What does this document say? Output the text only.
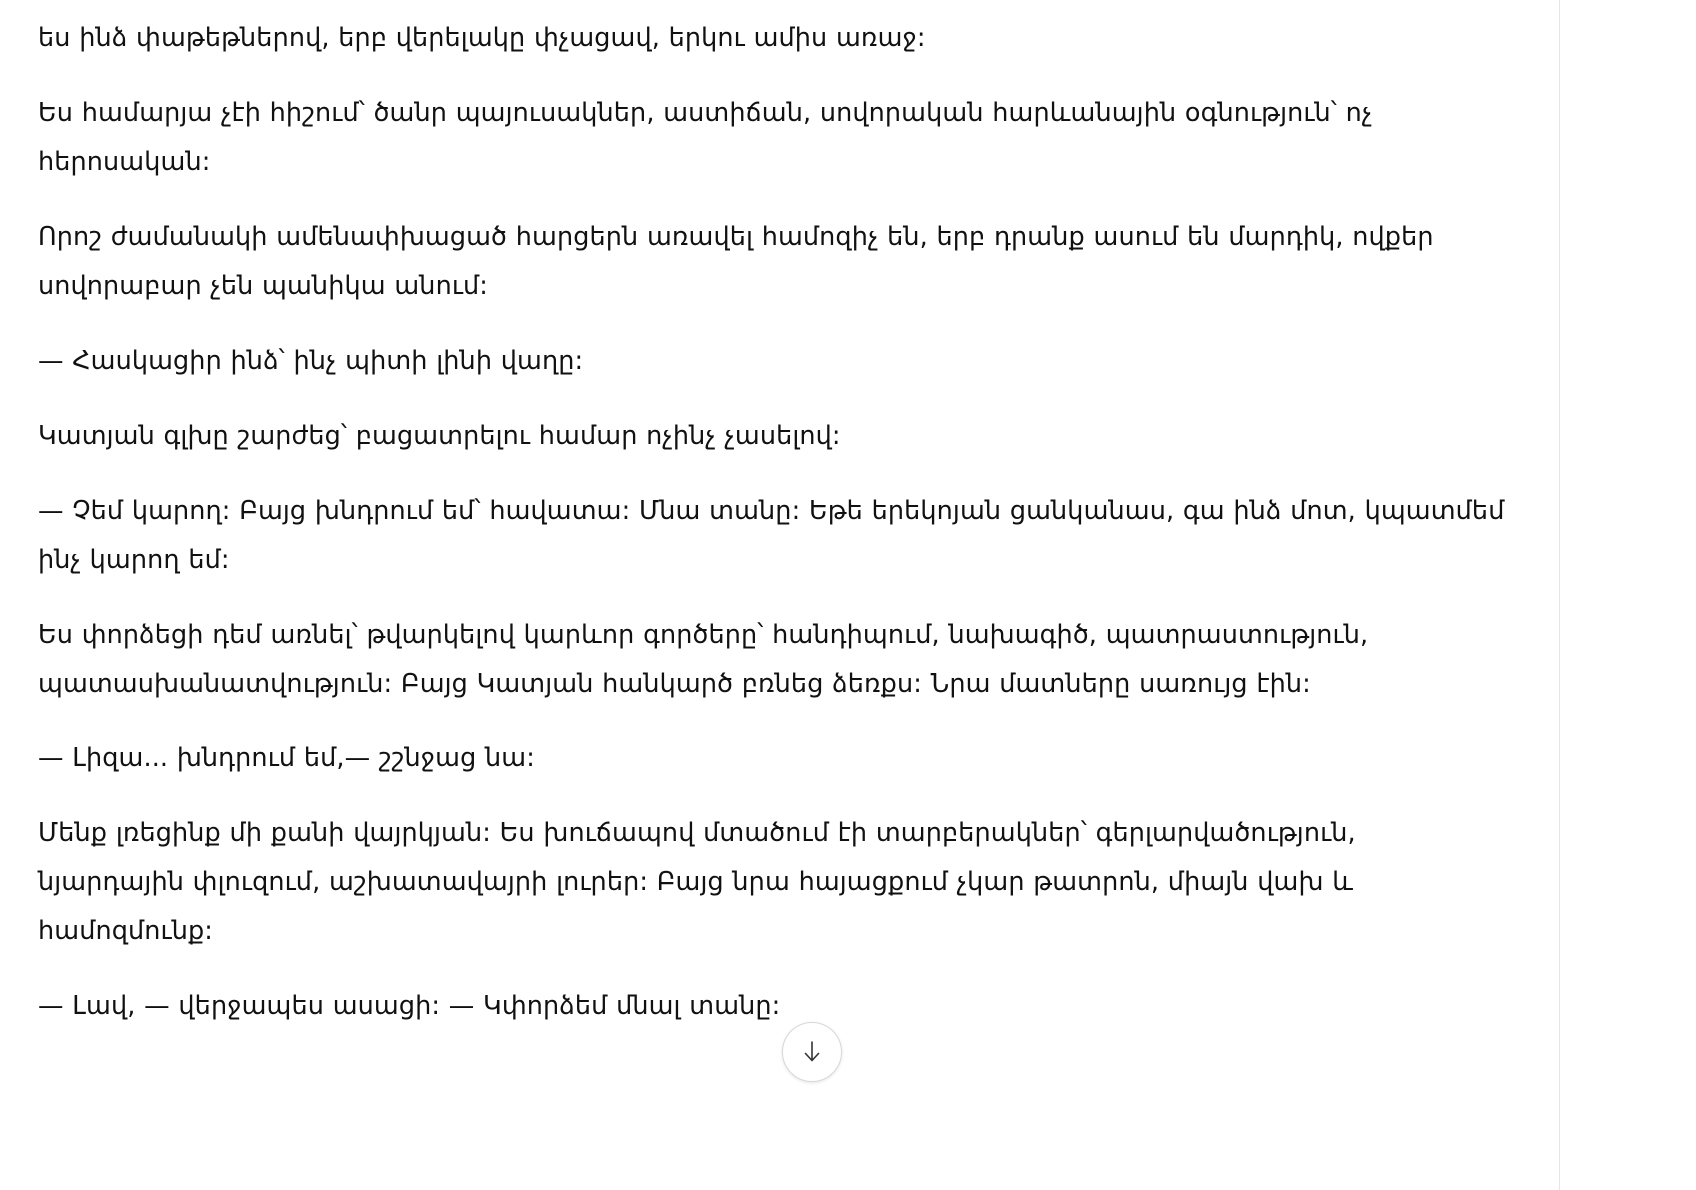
ես ինձ փաթեթներով, երբ վերելակը փչացավ, երկու ամիս առաջ:

Ես համարյա չէի հիշում՝ ծանր պայուսակներ, աստիճան, սովորական հարևանային օգնություն՝ ոչ հերոսական:

Որոշ ժամանակի ամենափխացած հարցերն առավել համոզիչ են, երբ դրանք ասում են մարդիկ, ովքեր սովորաբար չեն պանիկա անում:

— Հասկացիր ինձ՝ ինչ պիտի լինի վաղը:

Կատյան գլխը շարժեց՝ բացատրելու համար ոչինչ չասելով:

— Չեմ կարող: Բայց խնդրում եմ՝ հավատա: Մնա տանը: Եթե երեկոյան ցանկանաս, գա ինձ մոտ, կպատմեմ ինչ կարող եմ:

Ես փորձեցի դեմ առնել՝ թվարկելով կարևոր գործերը՝ հանդիպում, նախագիծ, պատրաստություն, պատասխանատվություն: Բայց Կատյան հանկարծ բռնեց ձեռքս: Նրա մատները սառույց էին:

— Լիզա... խնդրում եմ,— շշնջաց նա:

Մենք լռեցինք մի քանի վայրկյան: Ես խուճապով մտածում էի տարբերակներ՝ գերլարվածություն, նյարդային փլուզում, աշխատավայրի լուրեր: Բայց նրա հայացքում չկար թատրոն, միայն վախ և համոզմունք:

— Լավ, — վերջապես ասացի: — Կփորձեմ մնալ տանը:
